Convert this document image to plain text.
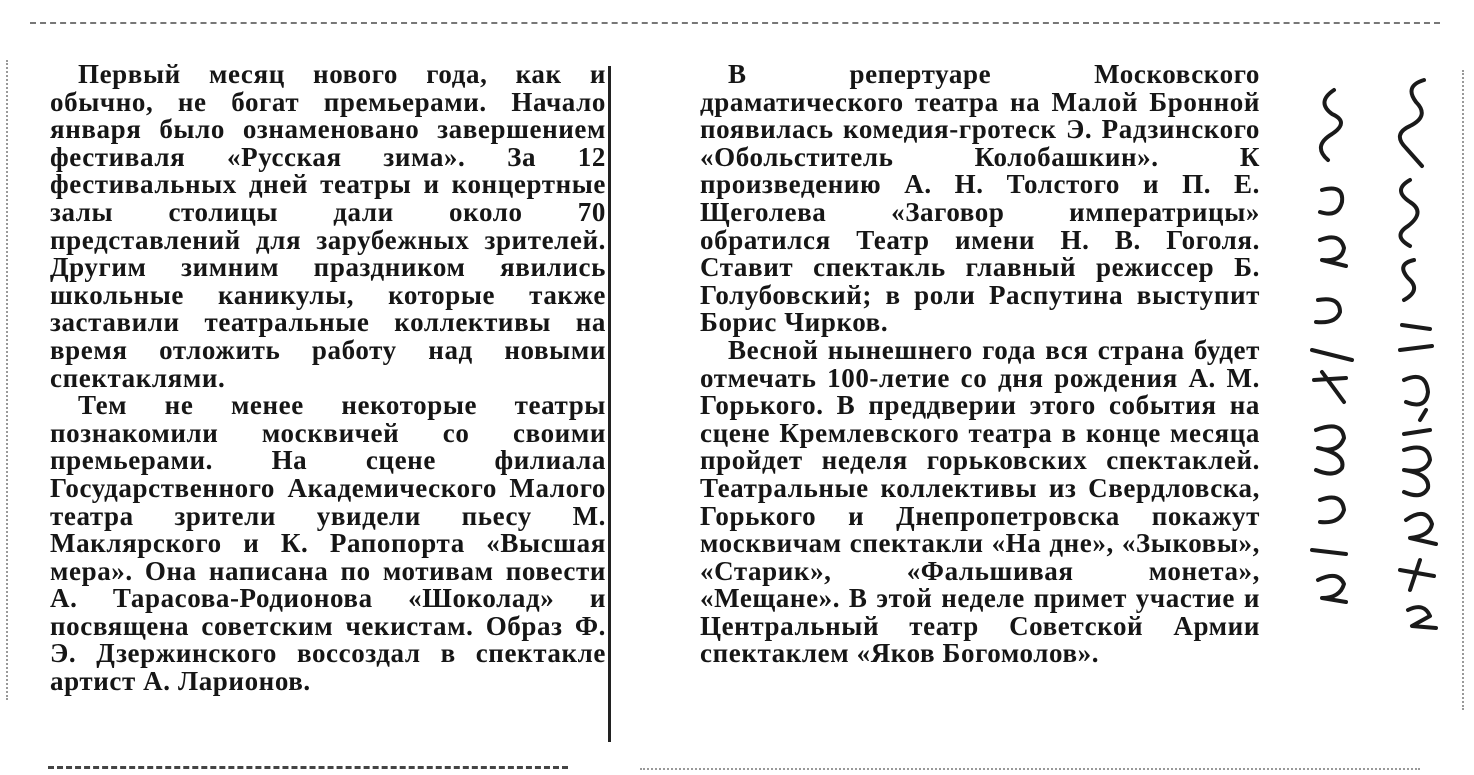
Первый месяц нового года, как и обычно, не богат премьерами. Начало января было ознаменовано завершением фестиваля «Русская зима». За 12 фестивальных дней театры и концертные залы столицы дали около 70 представлений для зарубежных зрителей. Другим зимним праздником явились школьные каникулы, которые также заставили театральные коллективы на время отложить работу над новыми спектаклями.

Тем не менее некоторые театры познакомили москвичей со своими премьерами. На сцене филиала Государственного Академического Малого театра зрители увидели пьесу М. Маклярского и К. Рапопорта «Высшая мера». Она написана по мотивам повести А. Тарасова-Родионова «Шоколад» и посвящена советским чекистам. Образ Ф. Э. Дзержинского воссоздал в спектакле артист А. Ларионов.

В репертуаре Московского драматического театра на Малой Бронной появилась комедия-гротеск Э. Радзинского «Обольститель Колобашкин». К произведению А. Н. Толстого и П. Е. Щеголева «Заговор императрицы» обратился Театр имени Н. В. Гоголя. Ставит спектакль главный режиссер Б. Голубовский; в роли Распутина выступит Борис Чирков.

Весной нынешнего года вся страна будет отмечать 100-летие со дня рождения А. М. Горького. В преддверии этого события на сцене Кремлевского театра в конце месяца пройдет неделя горьковских спектаклей. Театральные коллективы из Свердловска, Горького и Днепропетровска покажут москвичам спектакли «На дне», «Зыковы», «Старик», «Фальшивая монета», «Мещане». В этой неделе примет участие и Центральный театр Советской Армии спектаклем «Яков Богомолов».
